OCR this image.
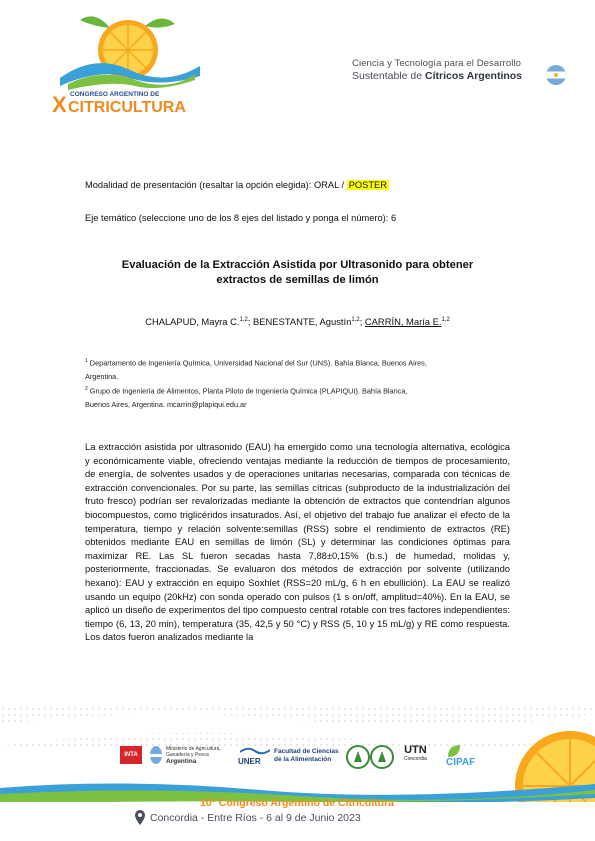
CONGRESO ARGENTINO DE
X CITRICULTURA
Ciencia y Tecnología para el Desarrollo
Sustentable de Cítricos Argentinos
Modalidad de presentación (resaltar la opción elegida): ORAL / POSTER
Eje temático (seleccione uno de los 8 ejes del listado y ponga el número): 6
Evaluación de la Extracción Asistida por Ultrasonido para obtener
extractos de semillas de limón
CHALAPUD, Mayra C.$^{1,2}$; BENESTANTE, Agustín$^{1,2}$; CARRÍN, María E.$^{1,2}$
$^1$ Departamento de Ingeniería Química, Universidad Nacional del Sur (UNS). Bahía Blanca, Buenos Aires,
Argentina.
$^2$ Grupo de Ingeniería de Alimentos, Planta Piloto de Ingeniería Química (PLAPIQUI). Bahía Blanca,
Buenos Aires, Argentina. mcarrin@plapiqui.edu.ar
La extracción asistida por ultrasonido (EAU) ha emergido como una tecnología alternativa, ecológica y económicamente viable, ofreciendo ventajas mediante la reducción de tiempos de procesamiento, de energía, de solventes usados y de operaciones unitarias necesarias, comparada con técnicas de extracción convencionales. Por su parte, las semillas cítricas (subproducto de la industrialización del fruto fresco) podrían ser revalorizadas mediante la obtención de extractos que contendrían algunos biocompuestos, como triglicéridos insaturados. Así, el objetivo del trabajo fue analizar el efecto de la temperatura, tiempo y relación solvente:semillas (RSS) sobre el rendimiento de extractos (RE) obtenidos mediante EAU en semillas de limón (SL) y determinar las condiciones óptimas para maximizar RE. Las SL fueron secadas hasta 7,88±0,15% (b.s.) de humedad, molidas y, posteriormente, fraccionadas. Se evaluaron dos métodos de extracción por solvente (utilizando hexano): EAU y extracción en equipo Soxhlet (RSS=20 mL/g, 6 h en ebullición). La EAU se realizó usando un equipo (20kHz) con sonda operado con pulsos (1 s on/off, amplitud=40%). En la EAU, se aplicó un diseño de experimentos del tipo compuesto central rotable con tres factores independientes: tiempo (6, 13, 20 min), temperatura (35, 42,5 y 50 °C) y RSS (5, 10 y 15 mL/g) y RE como respuesta. Los datos fueron analizados mediante la
INTA
Ministerio de Agricultura,
Ganadería y Pesca
Argentina	UNER
Facultad de Ciencias
de la Alimentación
UTN
Concordia CIPAF
10° Congreso Argentino de Citricultura
Concordia - Entre Ríos - 6 al 9 de Junio 2023
